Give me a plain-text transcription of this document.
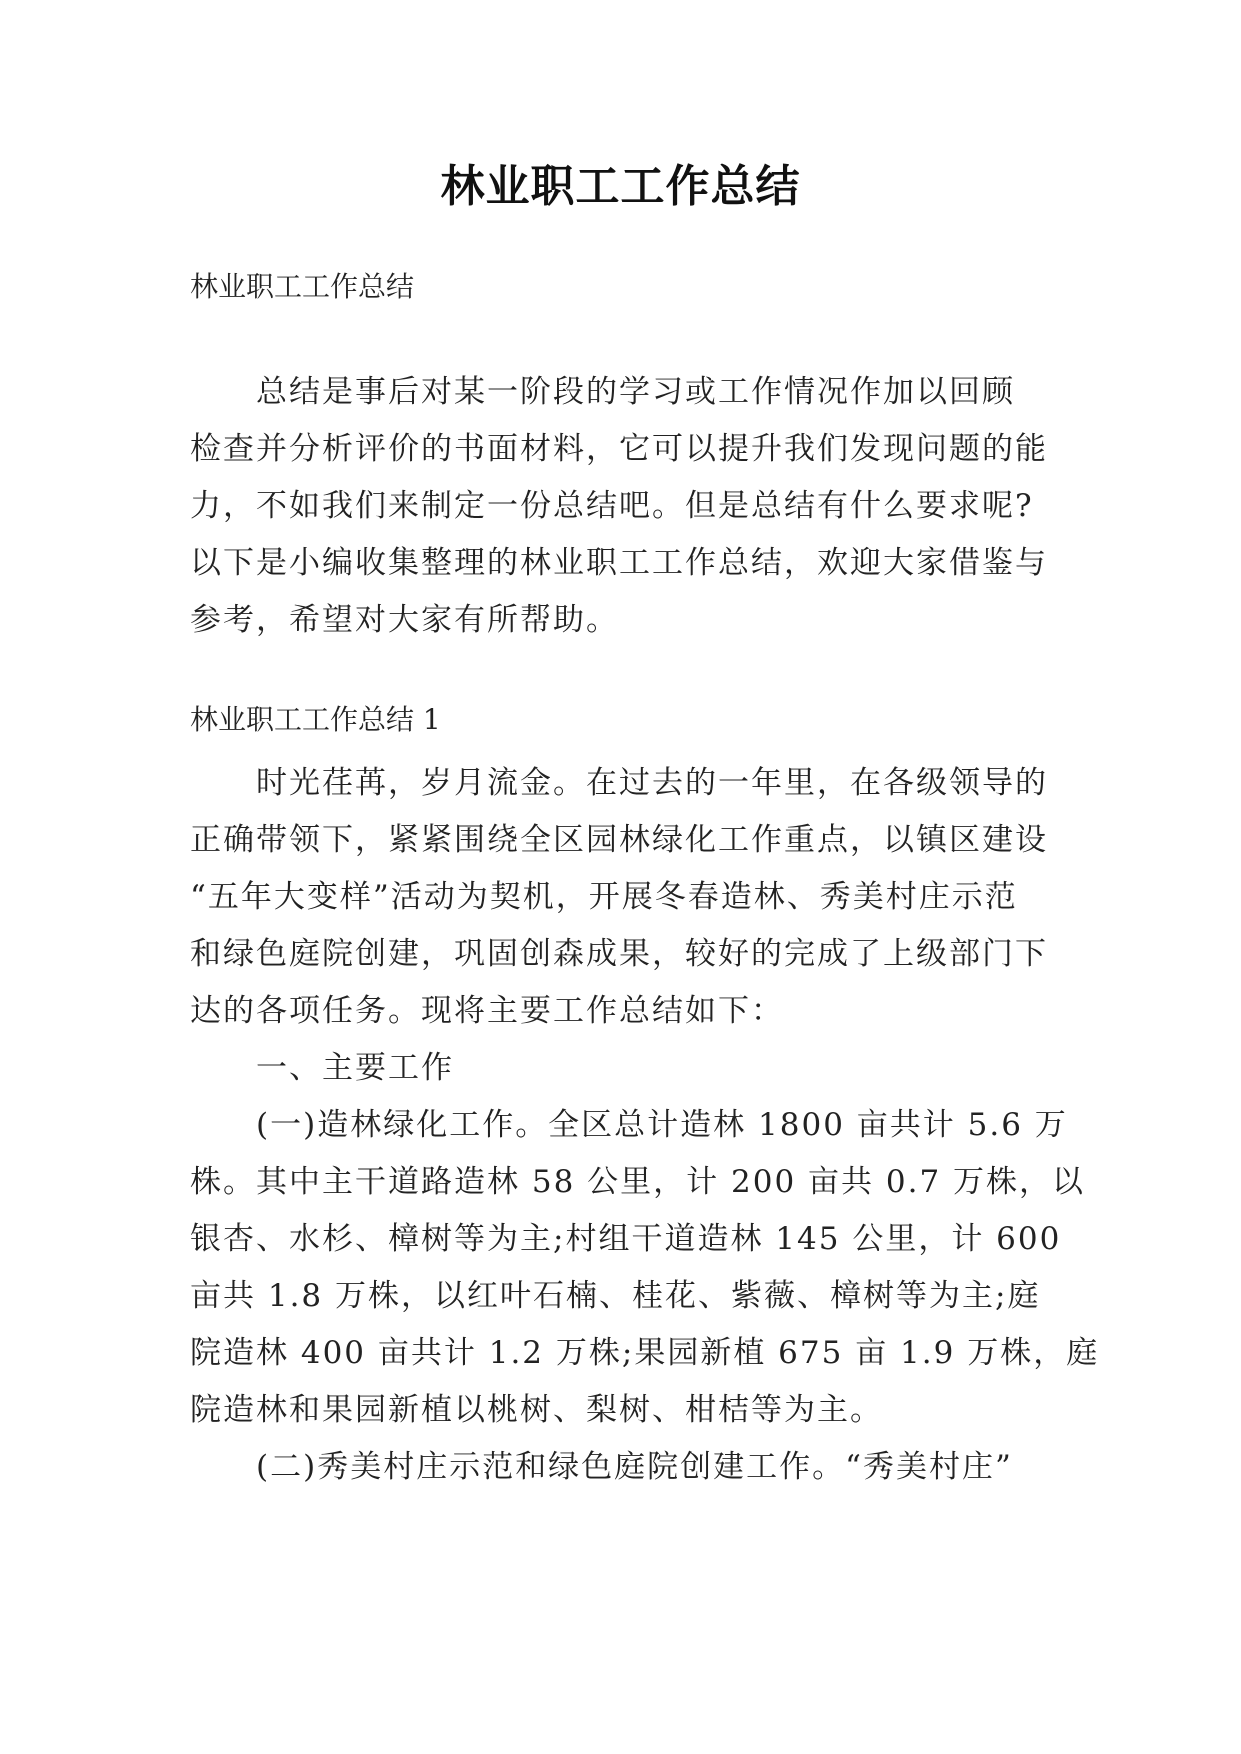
林业职工工作总结
林业职工工作总结
　　总结是事后对某一阶段的学习或工作情况作加以回顾
检查并分析评价的书面材料，它可以提升我们发现问题的能
力，不如我们来制定一份总结吧。但是总结有什么要求呢?
以下是小编收集整理的林业职工工作总结，欢迎大家借鉴与
参考，希望对大家有所帮助。
林业职工工作总结 1
　　时光荏苒，岁月流金。在过去的一年里，在各级领导的
正确带领下，紧紧围绕全区园林绿化工作重点，以镇区建设
“五年大变样”活动为契机，开展冬春造林、秀美村庄示范
和绿色庭院创建，巩固创森成果，较好的完成了上级部门下
达的各项任务。现将主要工作总结如下：
　　一、主要工作
　　(一)造林绿化工作。全区总计造林 1800 亩共计 5.6 万
株。其中主干道路造林 58 公里，计 200 亩共 0.7 万株，以
银杏、水杉、樟树等为主;村组干道造林 145 公里，计 600
亩共 1.8 万株，以红叶石楠、桂花、紫薇、樟树等为主;庭
院造林 400 亩共计 1.2 万株;果园新植 675 亩 1.9 万株，庭
院造林和果园新植以桃树、梨树、柑桔等为主。
　　(二)秀美村庄示范和绿色庭院创建工作。“秀美村庄”
